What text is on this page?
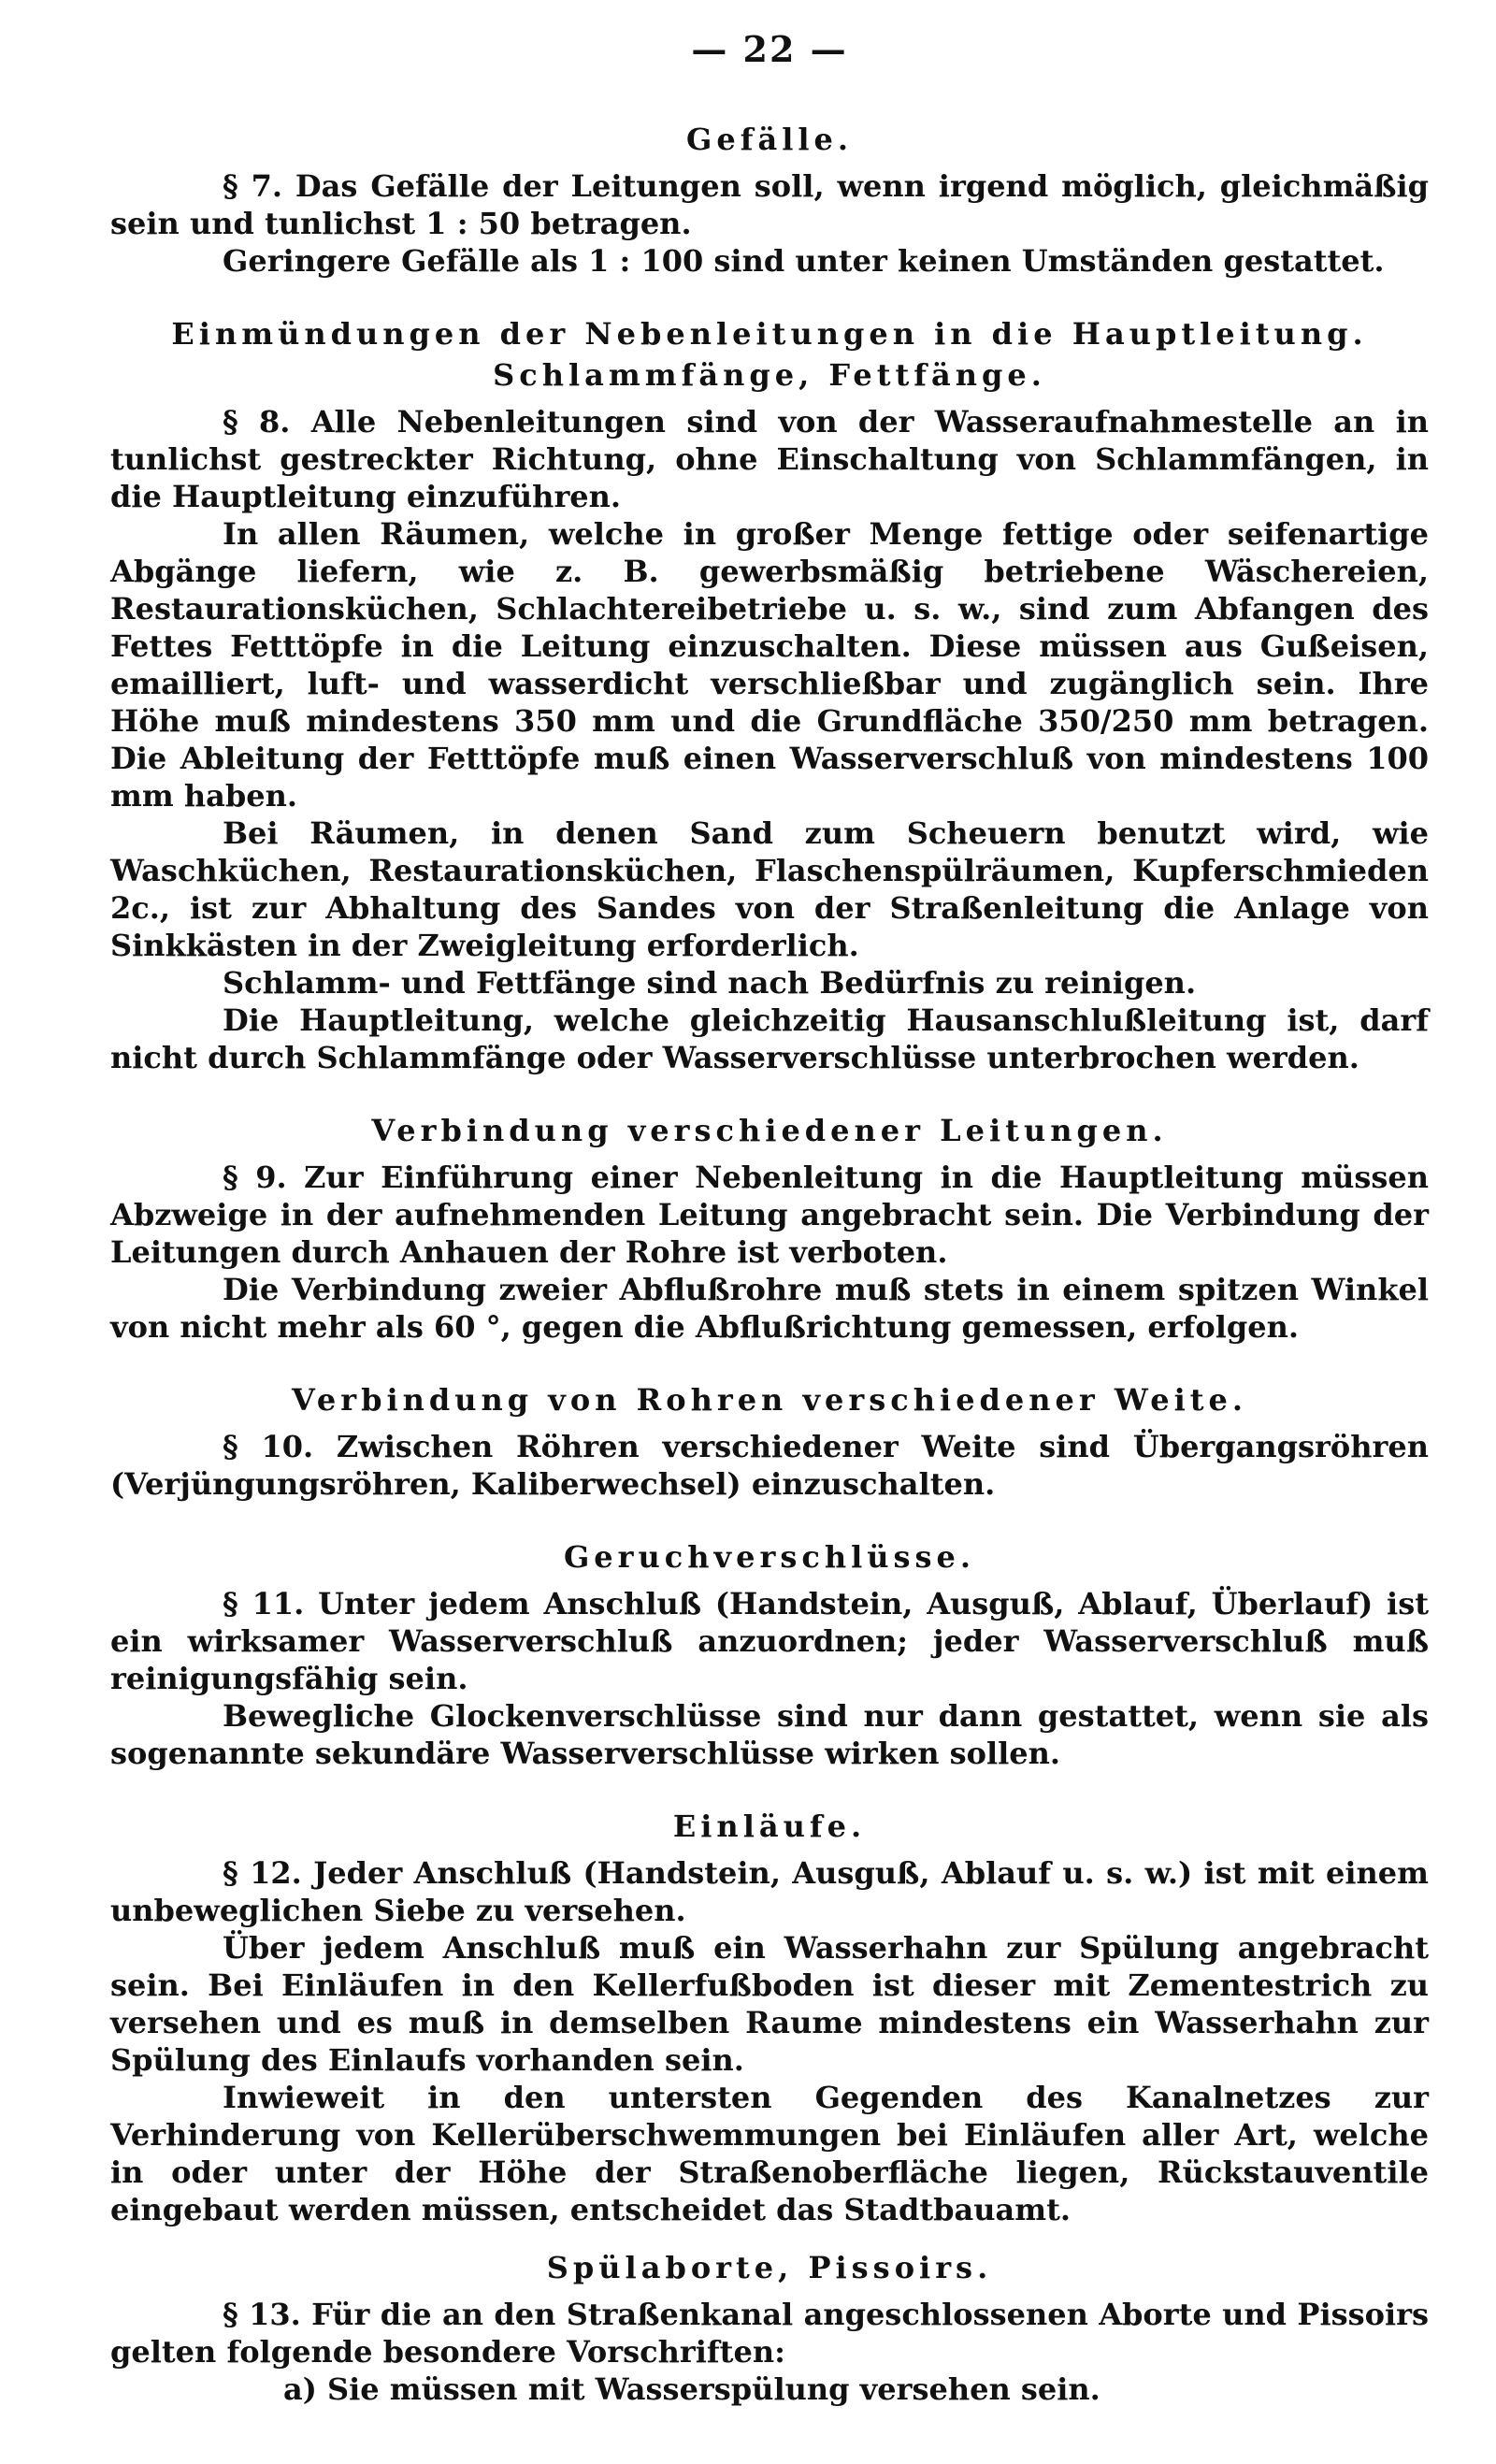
— 22 —
Gefälle.

§ 7. Das Gefälle der Leitungen soll, wenn irgend möglich, gleichmäßig sein und tunlichst 1 : 50 betragen.

Geringere Gefälle als 1 : 100 sind unter keinen Umständen gestattet.

Einmündungen der Nebenleitungen in die Hauptleitung.
Schlammfänge, Fettfänge.

§ 8. Alle Nebenleitungen sind von der Wasseraufnahmestelle an in tunlichst gestreckter Richtung, ohne Einschaltung von Schlammfängen, in die Hauptleitung einzuführen.

In allen Räumen, welche in großer Menge fettige oder seifenartige Abgänge liefern, wie z. B. gewerbsmäßig betriebene Wäschereien, Restaurationsküchen, Schlachtereibetriebe u. s. w., sind zum Abfangen des Fettes Fetttöpfe in die Leitung einzuschalten. Diese müssen aus Gußeisen, emailliert, luft- und wasserdicht verschließbar und zugänglich sein. Ihre Höhe muß mindestens 350 mm und die Grundfläche 350/250 mm betragen. Die Ableitung der Fetttöpfe muß einen Wasserverschluß von mindestens 100 mm haben.

Bei Räumen, in denen Sand zum Scheuern benutzt wird, wie Waschküchen, Restaurationsküchen, Flaschenspülräumen, Kupferschmieden 2c., ist zur Abhaltung des Sandes von der Straßenleitung die Anlage von Sinkkästen in der Zweigleitung erforderlich.

Schlamm- und Fettfänge sind nach Bedürfnis zu reinigen.

Die Hauptleitung, welche gleichzeitig Hausanschlußleitung ist, darf nicht durch Schlammfänge oder Wasserverschlüsse unterbrochen werden.

Verbindung verschiedener Leitungen.

§ 9. Zur Einführung einer Nebenleitung in die Hauptleitung müssen Abzweige in der aufnehmenden Leitung angebracht sein. Die Verbindung der Leitungen durch Anhauen der Rohre ist verboten.

Die Verbindung zweier Abflußrohre muß stets in einem spitzen Winkel von nicht mehr als 60 °, gegen die Abflußrichtung gemessen, erfolgen.

Verbindung von Rohren verschiedener Weite.

§ 10. Zwischen Röhren verschiedener Weite sind Übergangsröhren (Verjüngungsröhren, Kaliberwechsel) einzuschalten.

Geruchverschlüsse.

§ 11. Unter jedem Anschluß (Handstein, Ausguß, Ablauf, Überlauf) ist ein wirksamer Wasserverschluß anzuordnen; jeder Wasserverschluß muß reinigungsfähig sein.

Bewegliche Glockenverschlüsse sind nur dann gestattet, wenn sie als sogenannte sekundäre Wasserverschlüsse wirken sollen.

Einläufe.

§ 12. Jeder Anschluß (Handstein, Ausguß, Ablauf u. s. w.) ist mit einem unbeweglichen Siebe zu versehen.

Über jedem Anschluß muß ein Wasserhahn zur Spülung angebracht sein. Bei Einläufen in den Kellerfußboden ist dieser mit Zementestrich zu versehen und es muß in demselben Raume mindestens ein Wasserhahn zur Spülung des Einlaufs vorhanden sein.

Inwieweit in den untersten Gegenden des Kanalnetzes zur Verhinderung von Kellerüberschwemmungen bei Einläufen aller Art, welche in oder unter der Höhe der Straßenoberfläche liegen, Rückstauventile eingebaut werden müssen, entscheidet das Stadtbauamt.

Spülaborte, Pissoirs.

§ 13. Für die an den Straßenkanal angeschlossenen Aborte und Pissoirs gelten folgende besondere Vorschriften:

a) Sie müssen mit Wasserspülung versehen sein.
